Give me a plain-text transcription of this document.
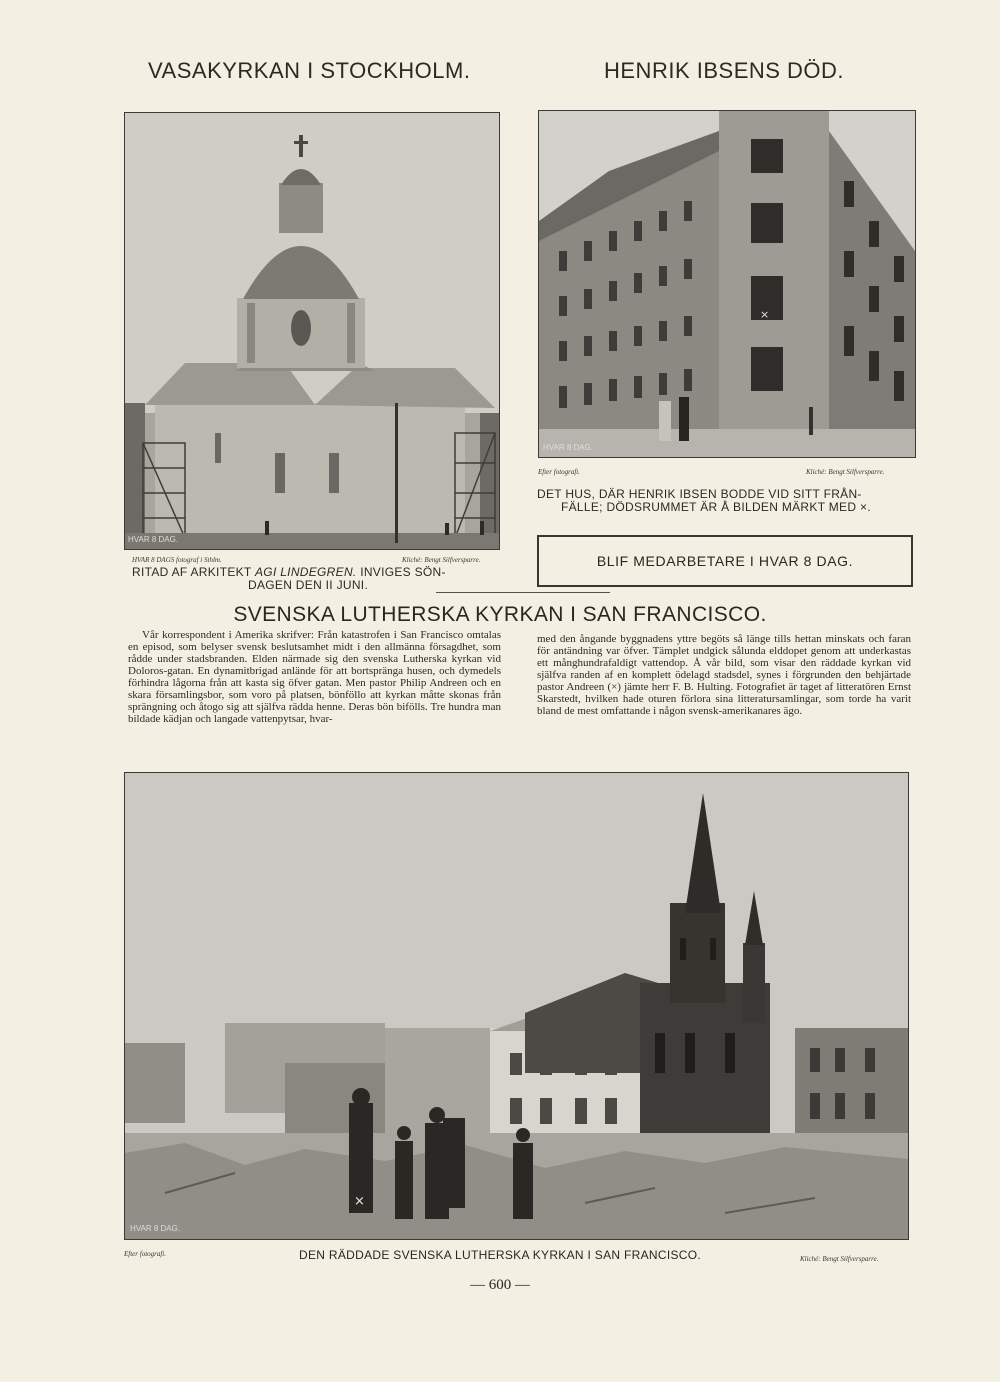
VASAKYRKAN I STOCKHOLM.	HENRIK IBSENS DÖD.
HVAR 8 DAG.
HVAR 8 DAGS fotograf i Sthlm.	Kliché: Bengt Silfversparre.
RITAD AF ARKITEKT AGI LINDEGREN. INVIGES SÖN-
DAGEN DEN II JUNI.
×
HVAR 8 DAG.
Efter fotografi.	Kliché: Bengt Silfversparre.
DET HUS, DÄR HENRIK IBSEN BODDE VID SITT FRÅN-
FÄLLE; DÖDSRUMMET ÄR Å BILDEN MÄRKT MED ×.
BLIF MEDARBETARE I HVAR 8 DAG.
SVENSKA LUTHERSKA KYRKAN I SAN FRANCISCO.

Vår korrespondent i Amerika skrifver: Från katastrofen i San Francisco omtalas en episod, som belyser svensk beslutsamhet midt i den allmänna försagdhet, som rådde under stadsbranden. Elden närmade sig den svenska Lutherska kyrkan vid Doloros-gatan. En dynamitbrigad anlände för att bortspränga husen, och dymedels förhindra lågorna från att kasta sig öfver gatan. Men pastor Philip Andreen och en skara församlingsbor, som voro på platsen, bönföllo att kyrkan måtte skonas från sprängning och åtogo sig att själfva rädda henne. Deras bön bifölls. Tre hundra man bildade kädjan och langade vattenpytsar, hvar-

med den ångande byggnadens yttre begöts så länge tills hettan minskats och faran för antändning var öfver. Tämplet undgick sålunda elddopet genom att underkastas ett månghundrafaldigt vattendop. Å vår bild, som visar den räddade kyrkan vid själfva randen af en komplett ödelagd stadsdel, synes i förgrunden den behjärtade pastor Andreen (×) jämte herr F. B. Hulting. Fotografiet är taget af litteratören Ernst Skarstedt, hvilken hade oturen förlora sina litteratursamlingar, som torde ha varit bland de mest omfattande i någon svensk-amerikanares ägo.

×
HVAR 8 DAG.
Efter fotografi.
Kliché: Bengt Silfversparre.
DEN RÄDDADE SVENSKA LUTHERSKA KYRKAN I SAN FRANCISCO.
— 600 —
